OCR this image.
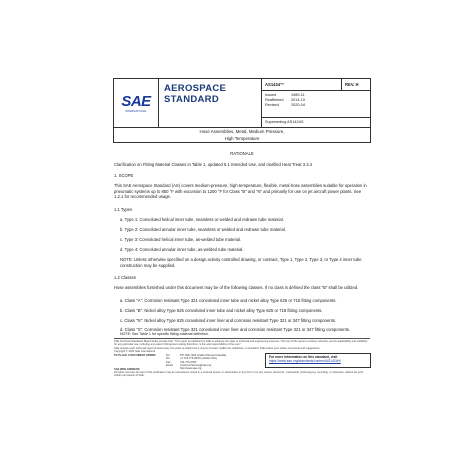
SAE
INTERNATIONAL
AEROSPACE
STANDARD
AS1424™	REV. H
Issued	1989-11
Reaffirmed	2014-10
Revised	2020-04
Superseding AS1424G
Hose Assemblies, Metal, Medium Pressure,
High Temperature
RATIONALE
Clarification on Fitting Material Classes in Table 1, updated 6.1 Intended Use, and clarified Heat Treat 3.3.4
1. SCOPE
This SAE Aerospace Standard (AS) covers medium-pressure, high-temperature, flexible, metal-hose assemblies suitable for operation in pneumatic systems up to 850 °F with excursion to 1200 °F for Class "B" and "N" and primarily for use on jet aircraft power plants. See 1.2.1 for recommended usage.
1.1 Types
a. Type 1: Convoluted helical inner tube, seamless or welded and redrawn tube material.
b. Type 2: Convoluted annular inner tube, seamless or welded and redrawn tube material.
c. Type 3: Convoluted helical inner tube, as-welded tube material.
d. Type 4: Convoluted annular inner tube, as-welded tube material.
NOTE: Unless otherwise specified on a design activity controlled drawing, or contract, Type 1, Type 2, Type 3, or Type 4 inner tube construction may be supplied.
1.2 Classes
Hose assemblies furnished under this document may be of the following classes. If no class is defined the class "B" shall be utilized.
a. Class "A": Corrosion resistant Type 321 convoluted inner tube and nickel alloy Type 625 or 718 fitting components.
b. Class "B": Nickel alloy Type 625 convoluted inner tube and nickel alloy Type 625 or 718 fitting components.
c. Class "N": Nickel alloy Type 625 convoluted inner liner and corrosion resistant Type 321 or 347 fitting components.
d. Class "S": Corrosion resistant Type 321 convoluted inner liner and corrosion resistant Type 321 or 347 fitting components.
SAE Technical Standards Board Rules provide that: "This report is published by SAE to advance the state of technical and engineering sciences. The use of this report is entirely voluntary, and its applicability and suitability for any particular use, including any patent infringement arising therefrom, is the sole responsibility of the user."
SAE reviews each technical report at least every five years at which time it may be revised, reaffirmed, stabilized, or cancelled. SAE invites your written comments and suggestions.
TO PLACE A DOCUMENT ORDER:	Tel:	877-606-7323 (inside USA and Canada)
Tel:	+1 724-776-4970 (outside USA)
Fax:	724-776-0790
Email:	CustomerService@sae.org
http://www.sae.org
For more information on this standard, visit
https://www.sae.org/standards/content/AS1424H/
SAE WEB ADDRESS:
NOTE: See Table 1 for specific fitting material definition.
Copyright © 2020 SAE International
All rights reserved. No part of this publication may be reproduced, stored in a retrieval system or transmitted, in any form or by any means, electronic, mechanical, photocopying, recording, or otherwise, without the prior written permission of SAE.
